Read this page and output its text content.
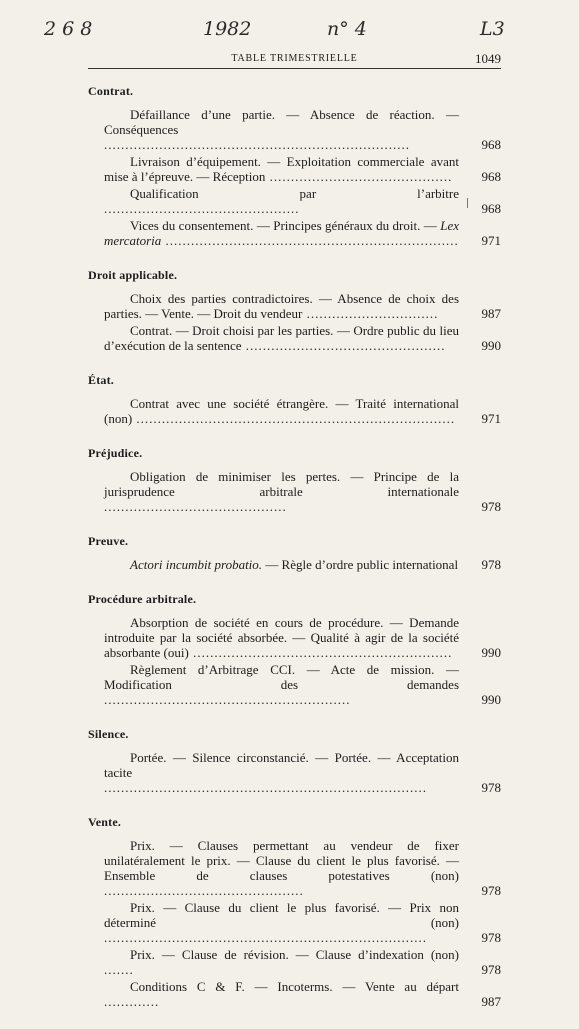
2 6 8	1982	n° 4	L3
TABLE TRIMESTRIELLE	1049
Contrat.
Défaillance d’une partie. — Absence de réaction. — Conséquences ........................................................................	968
Livraison d’équipement. — Exploitation commerciale avant mise à l’épreuve. — Réception ........................................... 968
Qualification par l’arbitre ..............................................	968
Vices du consentement. — Principes généraux du droit. — Lex mercatoria ..................................................................... 971
Droit applicable.
Choix des parties contradictoires. — Absence de choix des parties. — Vente. — Droit du vendeur ...............................	987
Contrat. — Droit choisi par les parties. — Ordre public du lieu d’exécution de la sentence ...............................................	990
État.
Contrat avec une société étrangère. — Traité international (non) ........................................................................... 971
Préjudice.
Obligation de minimiser les pertes. — Principe de la jurisprudence arbitrale internationale ...........................................	978
Preuve.
Actori incumbit probatio. — Règle d’ordre public international 978
Procédure arbitrale.
Absorption de société en cours de procédure. — Demande introduite par la société absorbée. — Qualité à agir de la société absorbante (oui) ............................................................. 990
Règlement d’Arbitrage CCI. — Acte de mission. — Modification des demandes ..........................................................	990
Silence.
Portée. — Silence circonstancié. — Portée. — Acceptation tacite ............................................................................	978
Vente.
Prix. — Clauses permettant au vendeur de fixer unilatéralement le prix. — Clause du client le plus favorisé. — Ensemble de clauses potestatives (non) ...............................................	978
Prix. — Clause du client le plus favorisé. — Prix non déterminé (non) ............................................................................	978
Prix. — Clause de révision. — Clause d’indexation (non) .......	978
Conditions C & F. — Incoterms. — Vente au départ .............	987
